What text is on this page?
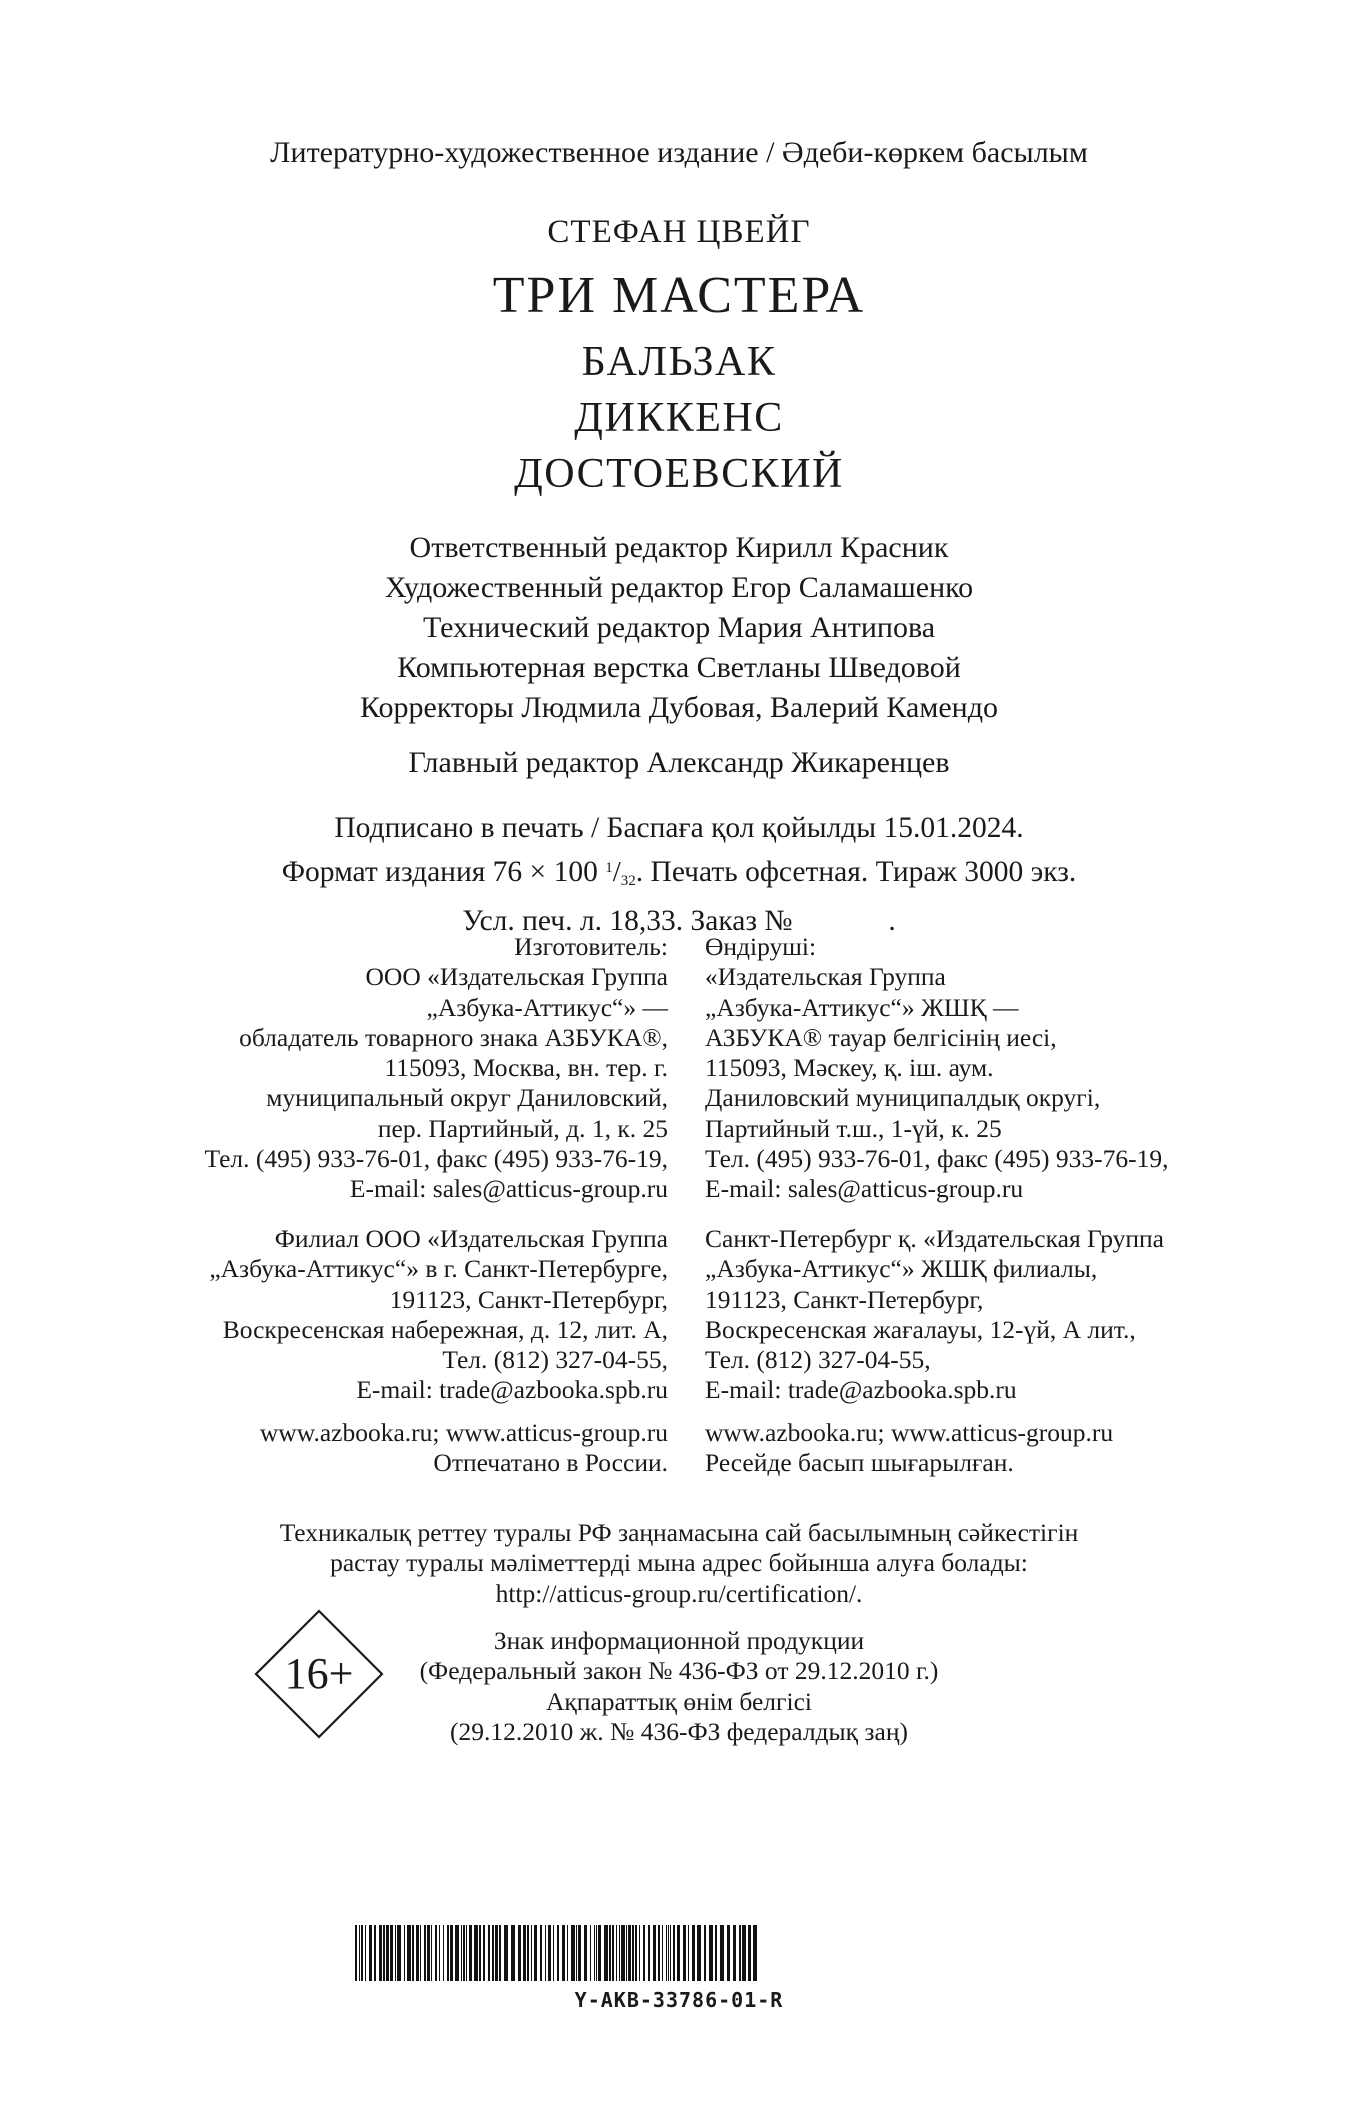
Литературно-художественное издание / Әдеби-көркем басылым
СТЕФАН ЦВЕЙГ
ТРИ МАСТЕРА
БАЛЬЗАК
ДИККЕНС
ДОСТОЕВСКИЙ
Ответственный редактор Кирилл Красник
Художественный редактор Егор Саламашенко
Технический редактор Мария Антипова
Компьютерная верстка Светланы Шведовой
Корректоры Людмила Дубовая, Валерий Камендо
Главный редактор Александр Жикаренцев
Подписано в печать / Баспаға қол қойылды 15.01.2024.
Формат издания 76 × 100 $^1/_{32}$. Печать офсетная. Тираж 3000 экз.
Усл. печ. л. 18,33. Заказ №             .
Изготовитель:
ООО «Издательская Группа
„Азбука-Аттикус“» —
обладатель товарного знака АЗБУКА®,
115093, Москва, вн. тер. г.
муниципальный округ Даниловский,
пер. Партийный, д. 1, к. 25
Тел. (495) 933-76-01, факс (495) 933-76-19,
E-mail: sales@atticus-group.ru
Өндіруші:
«Издательская Группа
„Азбука-Аттикус“» ЖШҚ —
АЗБУКА® тауар белгісінің иесі,
115093, Мәскеу, қ. іш. аум.
Даниловский муниципалдық округі,
Партийный т.ш., 1-үй, к. 25
Тел. (495) 933-76-01, факс (495) 933-76-19,
E-mail: sales@atticus-group.ru
Филиал ООО «Издательская Группа
„Азбука-Аттикус“» в г. Санкт-Петербурге,
191123, Санкт-Петербург,
Воскресенская набережная, д. 12, лит. А,
Тел. (812) 327-04-55,
E-mail: trade@azbooka.spb.ru
Санкт-Петербург қ. «Издательская Группа
„Азбука-Аттикус“» ЖШҚ филиалы,
191123, Санкт-Петербург,
Воскресенская жағалауы, 12-үй, А лит.,
Тел. (812) 327-04-55,
E-mail: trade@azbooka.spb.ru
www.azbooka.ru; www.atticus-group.ru
Отпечатано в России.
www.azbooka.ru; www.atticus-group.ru
Ресейде басып шығарылған.
Техникалық реттеу туралы РФ заңнамасына сай басылымның сәйкестігін
растау туралы мәліметтерді мына адрес бойынша алуға болады:
http://atticus-group.ru/certification/.
16+
Знак информационной продукции
(Федеральный закон № 436-ФЗ от 29.12.2010 г.)
Ақпараттық өнім белгісі
(29.12.2010 ж. № 436-ФЗ федералдық заң)
Y-AKB-33786-01-R
